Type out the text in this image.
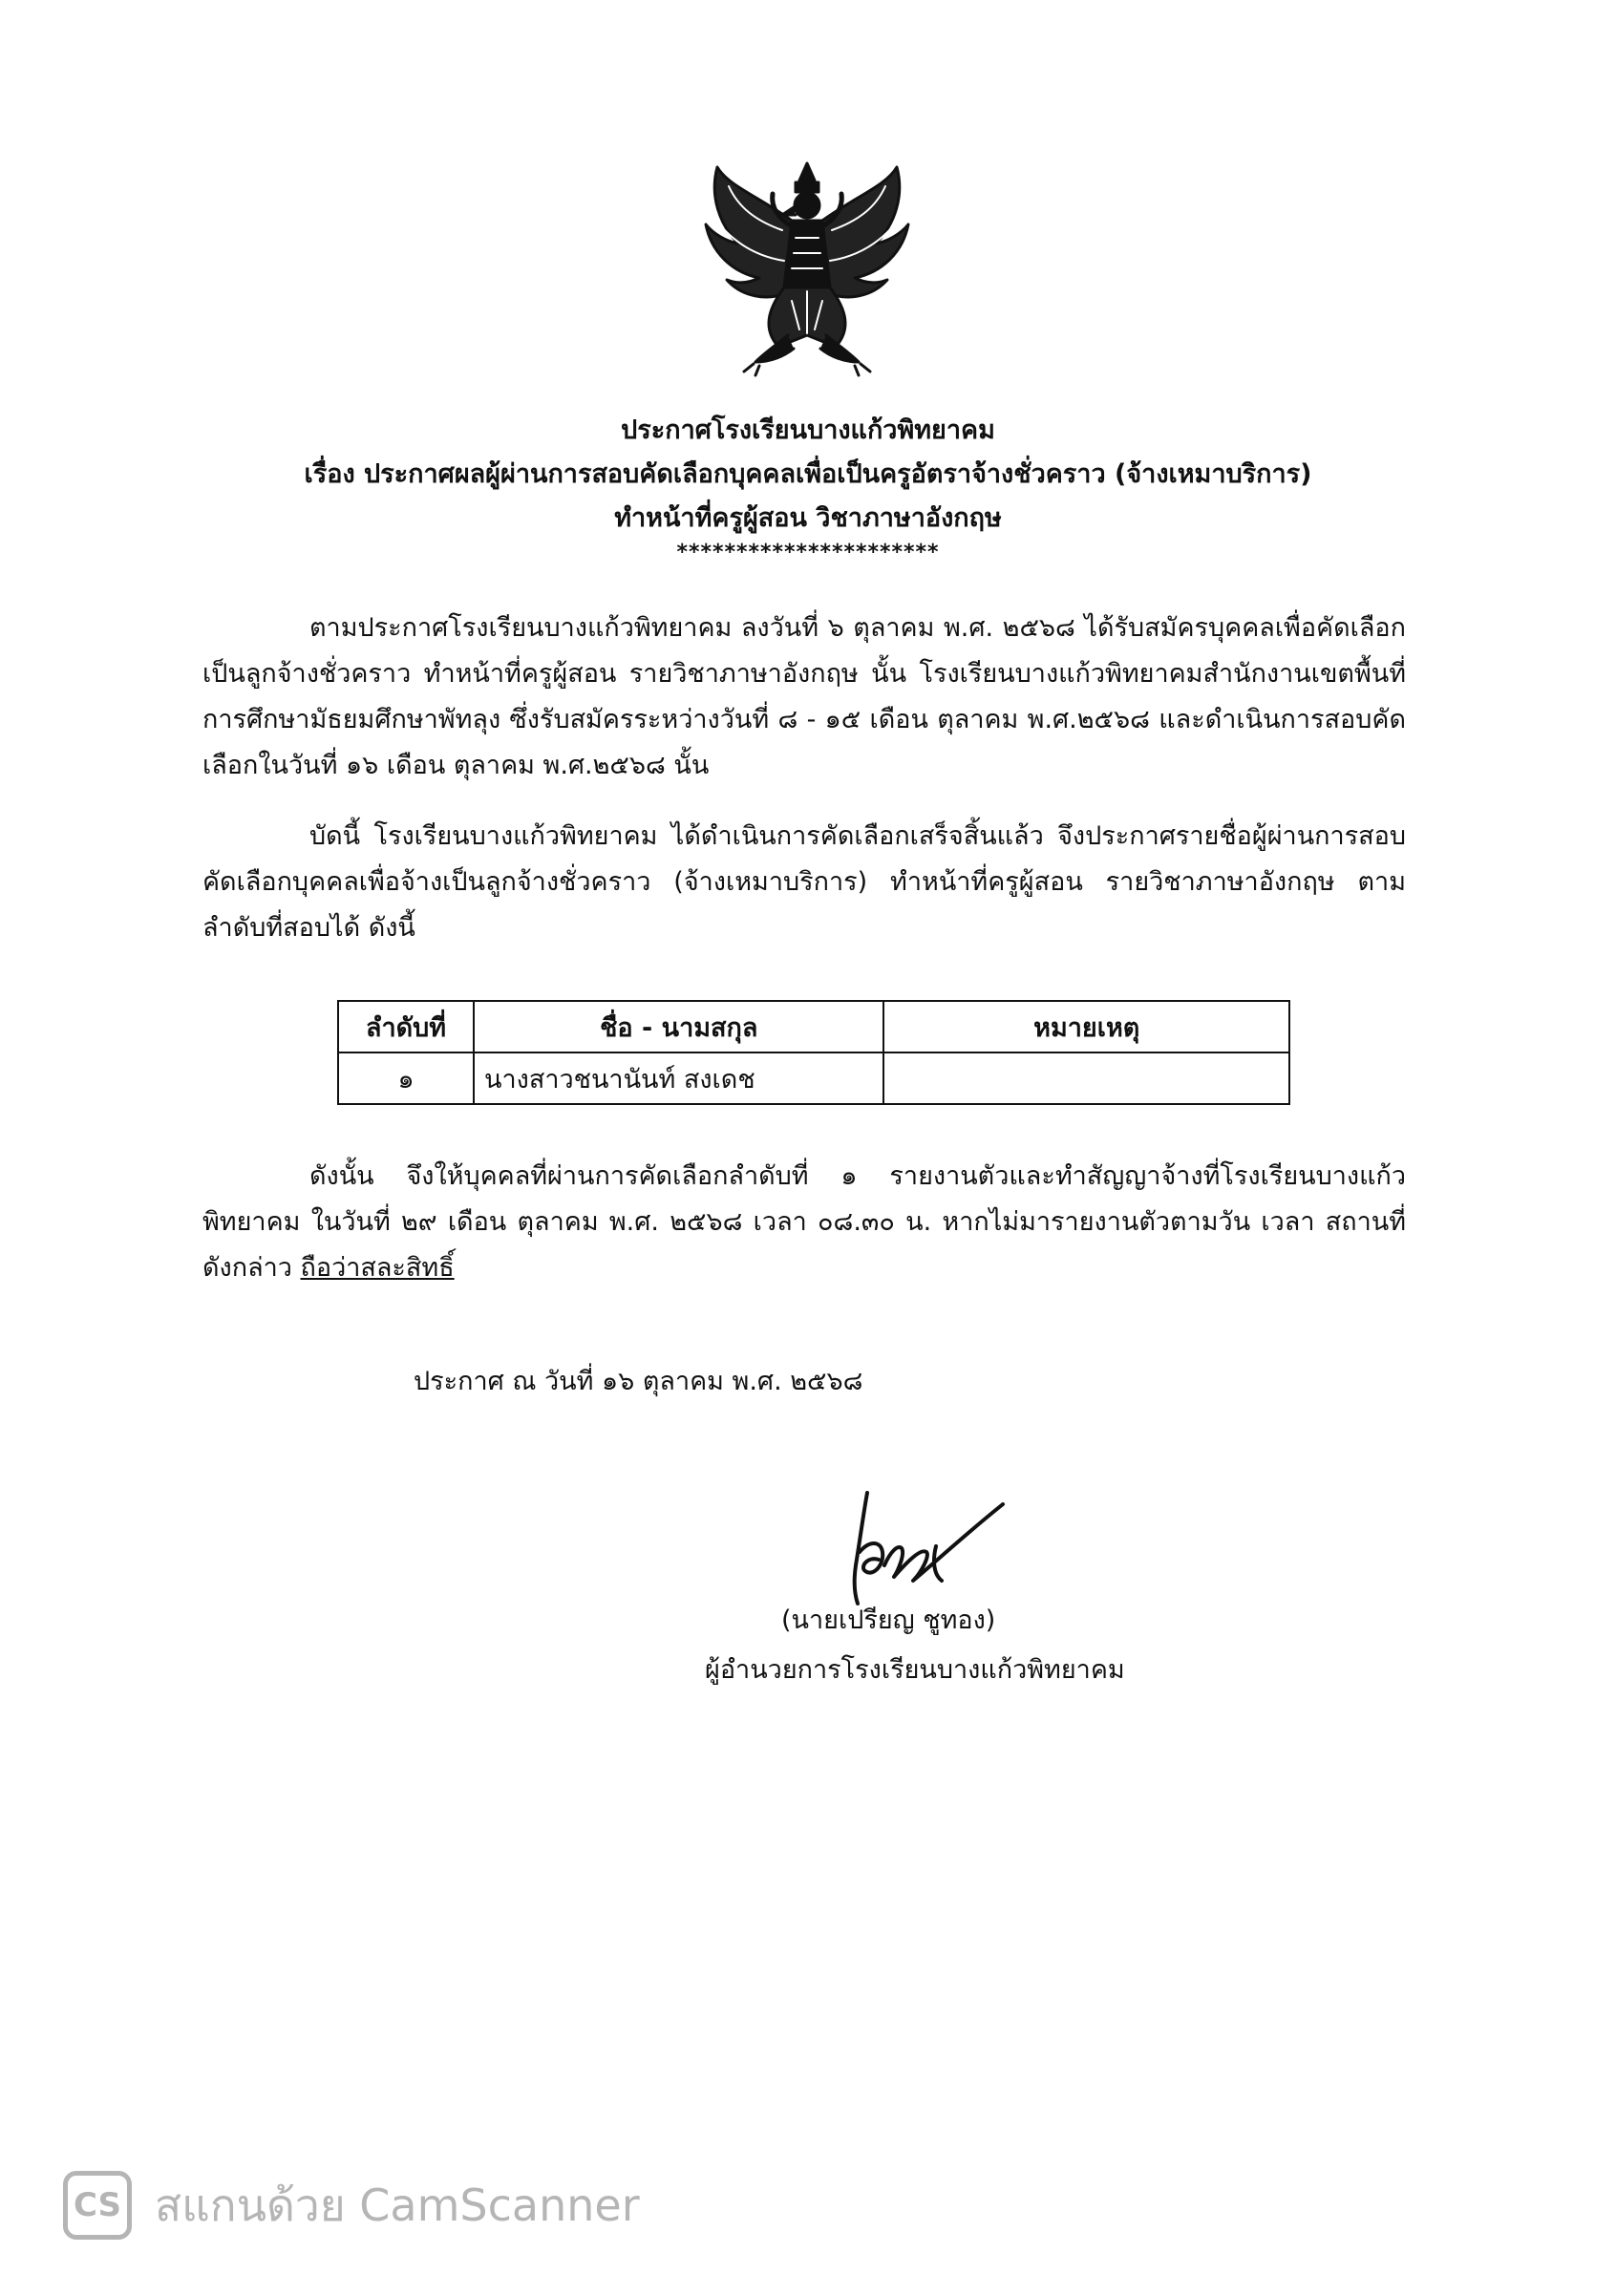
ประกาศโรงเรียนบางแก้วพิทยาคม
เรื่อง ประกาศผลผู้ผ่านการสอบคัดเลือกบุคคลเพื่อเป็นครูอัตราจ้างชั่วคราว (จ้างเหมาบริการ)
ทำหน้าที่ครูผู้สอน วิชาภาษาอังกฤษ
**********************
ตามประกาศโรงเรียนบางแก้วพิทยาคม ลงวันที่ ๖ ตุลาคม พ.ศ. ๒๕๖๘ ได้รับสมัครบุคคลเพื่อคัดเลือกเป็นลูกจ้างชั่วคราว ทำหน้าที่ครูผู้สอน รายวิชาภาษาอังกฤษ นั้น โรงเรียนบางแก้วพิทยาคมสำนักงานเขตพื้นที่การศึกษามัธยมศึกษาพัทลุง ซึ่งรับสมัครระหว่างวันที่ ๘ - ๑๕ เดือน ตุลาคม พ.ศ.๒๕๖๘ และดำเนินการสอบคัดเลือกในวันที่ ๑๖ เดือน ตุลาคม พ.ศ.๒๕๖๘ นั้น
บัดนี้ โรงเรียนบางแก้วพิทยาคม ได้ดำเนินการคัดเลือกเสร็จสิ้นแล้ว จึงประกาศรายชื่อผู้ผ่านการสอบคัดเลือกบุคคลเพื่อจ้างเป็นลูกจ้างชั่วคราว (จ้างเหมาบริการ) ทำหน้าที่ครูผู้สอน รายวิชาภาษาอังกฤษ ตามลำดับที่สอบได้ ดังนี้
ลำดับที่	ชื่อ - นามสกุล	หมายเหตุ
๑	นางสาวชนานันท์ สงเดช	
ดังนั้น จึงให้บุคคลที่ผ่านการคัดเลือกลำดับที่ ๑ รายงานตัวและทำสัญญาจ้างที่โรงเรียนบางแก้วพิทยาคม ในวันที่ ๒๙ เดือน ตุลาคม พ.ศ. ๒๕๖๘ เวลา ๐๘.๓๐ น. หากไม่มารายงานตัวตามวัน เวลา สถานที่ ดังกล่าว ถือว่าสละสิทธิ์
ประกาศ ณ วันที่ ๑๖ ตุลาคม พ.ศ. ๒๕๖๘
(นายเปรียญ ชูทอง)
ผู้อำนวยการโรงเรียนบางแก้วพิทยาคม
CS สแกนด้วย CamScanner
